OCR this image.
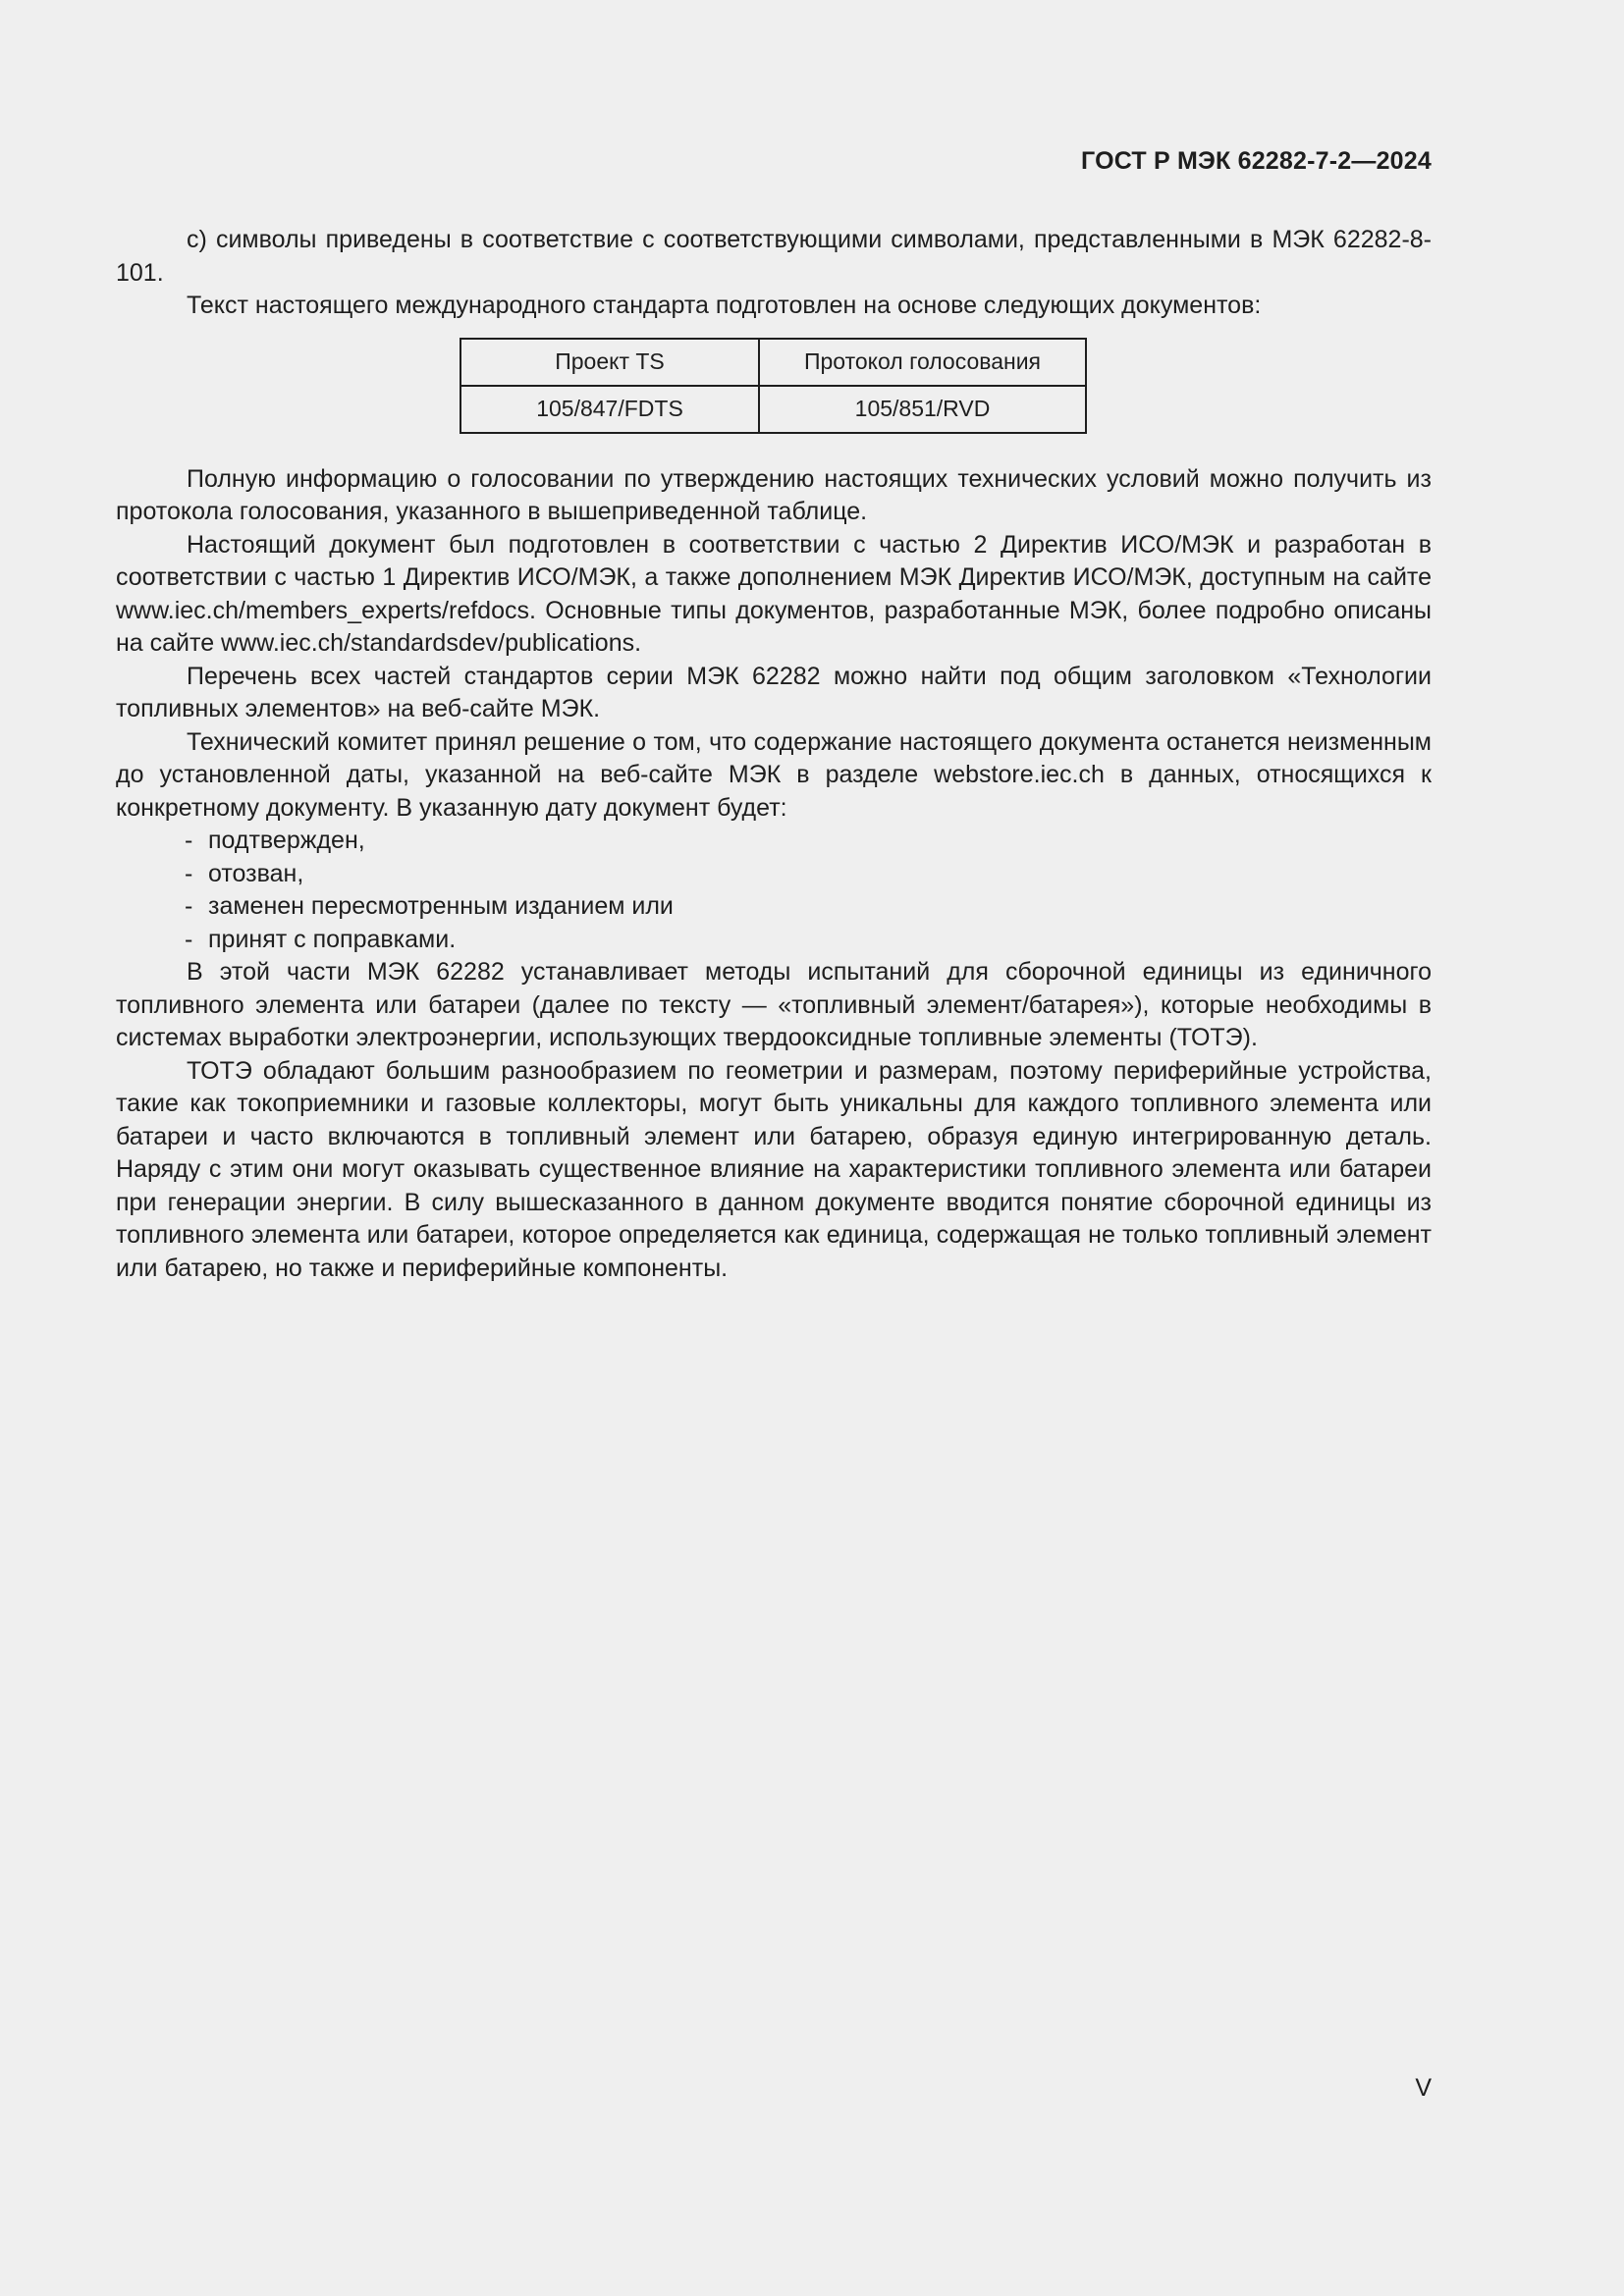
ГОСТ Р МЭК 62282-7-2—2024

c) символы приведены в соответствие с соответствующими символами, представленными в МЭК 62282-8-101.

Текст настоящего международного стандарта подготовлен на основе следующих документов:

Проект TS	Протокол голосования
105/847/FDTS	105/851/RVD

Полную информацию о голосовании по утверждению настоящих технических условий можно получить из протокола голосования, указанного в вышеприведенной таблице.

Настоящий документ был подготовлен в соответствии с частью 2 Директив ИСО/МЭК и разработан в соответствии с частью 1 Директив ИСО/МЭК, а также дополнением МЭК Директив ИСО/МЭК, доступным на сайте www.iec.ch/members_experts/refdocs. Основные типы документов, разработанные МЭК, более подробно описаны на сайте www.iec.ch/standardsdev/publications.

Перечень всех частей стандартов серии МЭК 62282 можно найти под общим заголовком «Технологии топливных элементов» на веб-сайте МЭК.

Технический комитет принял решение о том, что содержание настоящего документа останется неизменным до установленной даты, указанной на веб-сайте МЭК в разделе webstore.iec.ch в данных, относящихся к конкретному документу. В указанную дату документ будет:

- подтвержден,

- отозван,

- заменен пересмотренным изданием или

- принят с поправками.

В этой части МЭК 62282 устанавливает методы испытаний для сборочной единицы из единичного топливного элемента или батареи (далее по тексту — «топливный элемент/батарея»), которые необходимы в системах выработки электроэнергии, использующих твердооксидные топливные элементы (ТОТЭ).

ТОТЭ обладают большим разнообразием по геометрии и размерам, поэтому периферийные устройства, такие как токоприемники и газовые коллекторы, могут быть уникальны для каждого топливного элемента или батареи и часто включаются в топливный элемент или батарею, образуя единую интегрированную деталь. Наряду с этим они могут оказывать существенное влияние на характеристики топливного элемента или батареи при генерации энергии. В силу вышесказанного в данном документе вводится понятие сборочной единицы из топливного элемента или батареи, которое определяется как единица, содержащая не только топливный элемент или батарею, но также и периферийные компоненты.

V
